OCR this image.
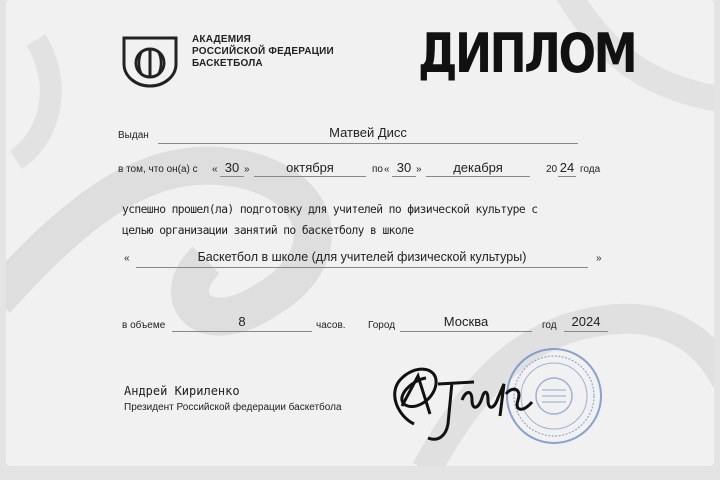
АКАДЕМИЯ
РОССИЙСКОЙ ФЕДЕРАЦИИ
БАСКЕТБОЛА	ДИПЛОМ
Выдан	Матвей Дисс
в том, что он(а) с « 30 »	октября	по « 30 »	декабря	20 24 года
успешно прошел(ла) подготовку для учителей по физической культуре с
целью организации занятий по баскетболу в школе
«	Баскетбол в школе (для учителей физической культуры)	»
в объеме	8	часов. Город	Москва	год	2024
Андрей Кириленко
Президент Российской федерации баскетбола
